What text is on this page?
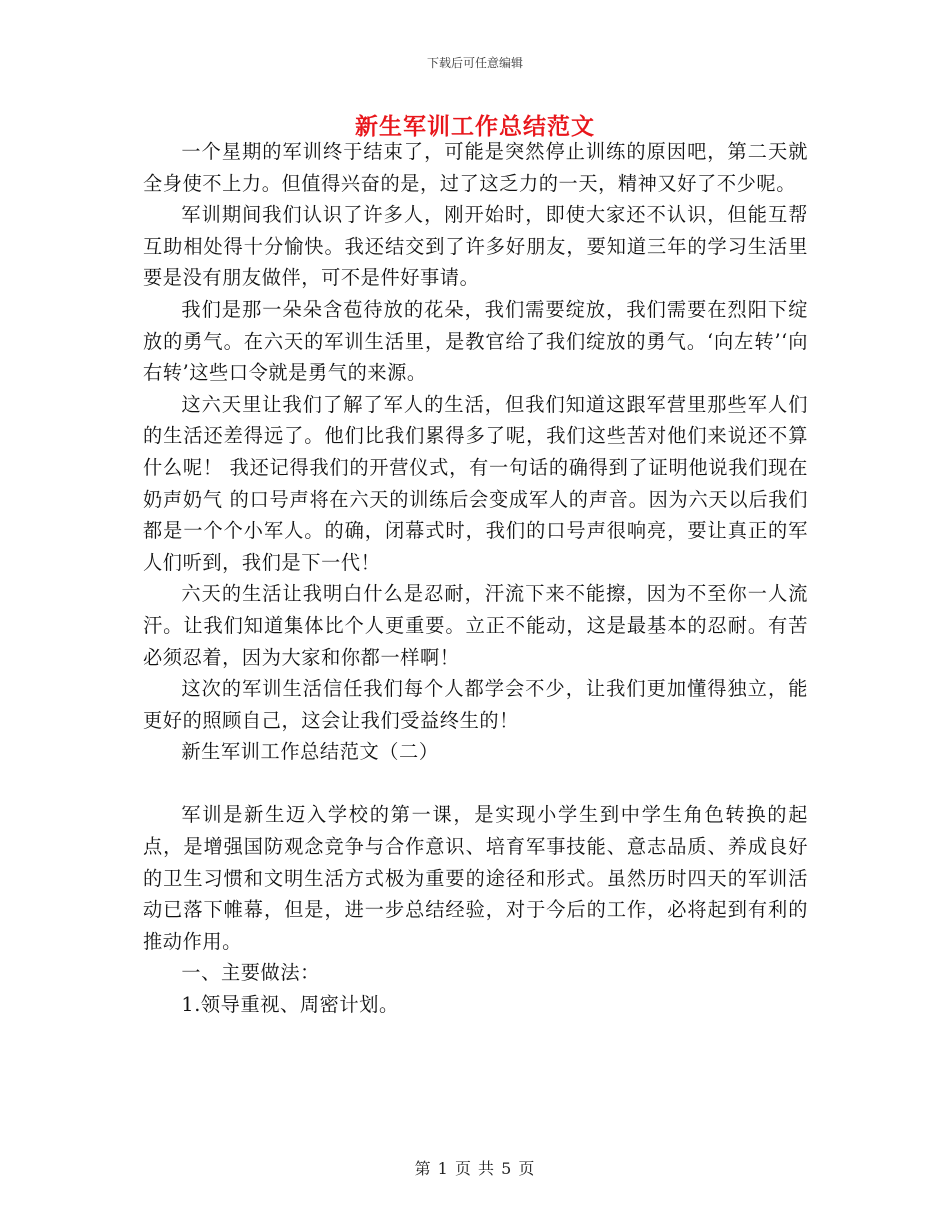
下载后可任意编辑
新生军训工作总结范文

一个星期的军训终于结束了，可能是突然停止训练的原因吧，第二天就全身使不上力。但值得兴奋的是，过了这乏力的一天，精神又好了不少呢。

军训期间我们认识了许多人，刚开始时，即使大家还不认识，但能互帮互助相处得十分愉快。我还结交到了许多好朋友，要知道三年的学习生活里要是没有朋友做伴，可不是件好事请。

我们是那一朵朵含苞待放的花朵，我们需要绽放，我们需要在烈阳下绽放的勇气。在六天的军训生活里，是教官给了我们绽放的勇气。‘向左转’‘向右转’这些口令就是勇气的来源。

这六天里让我们了解了军人的生活，但我们知道这跟军营里那些军人们的生活还差得远了。他们比我们累得多了呢，我们这些苦对他们来说还不算什么呢！ 我还记得我们的开营仪式，有一句话的确得到了证明他说我们现在奶声奶气 的口号声将在六天的训练后会变成军人的声音。因为六天以后我们都是一个个小军人。的确，闭幕式时，我们的口号声很响亮，要让真正的军人们听到，我们是下一代！

六天的生活让我明白什么是忍耐，汗流下来不能擦，因为不至你一人流汗。让我们知道集体比个人更重要。立正不能动，这是最基本的忍耐。有苦必须忍着，因为大家和你都一样啊！

这次的军训生活信任我们每个人都学会不少，让我们更加懂得独立，能更好的照顾自己，这会让我们受益终生的！

新生军训工作总结范文（二）

军训是新生迈入学校的第一课，是实现小学生到中学生角色转换的起点，是增强国防观念竞争与合作意识、培育军事技能、意志品质、养成良好的卫生习惯和文明生活方式极为重要的途径和形式。虽然历时四天的军训活动已落下帷幕，但是，进一步总结经验，对于今后的工作，必将起到有利的推动作用。

一、主要做法：

1.领导重视、周密计划。

第 1 页 共 5 页
